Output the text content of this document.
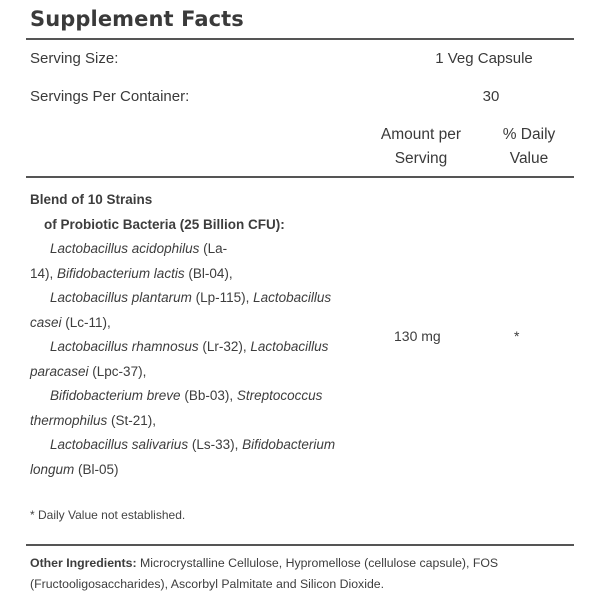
Supplement Facts
Serving Size:	1 Veg Capsule
Servings Per Container:	30
Amount per
Serving
% Daily
Value
Blend of 10 Strains
of Probiotic Bacteria (25 Billion CFU):
Lactobacillus acidophilus (La-
14), Bifidobacterium lactis (Bl-04),
Lactobacillus plantarum (Lp-115), Lactobacillus
casei (Lc-11),
Lactobacillus rhamnosus (Lr-32), Lactobacillus
paracasei (Lpc-37),
Bifidobacterium breve (Bb-03), Streptococcus
thermophilus (St-21),
Lactobacillus salivarius (Ls-33), Bifidobacterium
longum (Bl-05)
130 mg	*
* Daily Value not established.
Other Ingredients: Microcrystalline Cellulose, Hypromellose (cellulose capsule), FOS (Fructooligosaccharides), Ascorbyl Palmitate and Silicon Dioxide.
